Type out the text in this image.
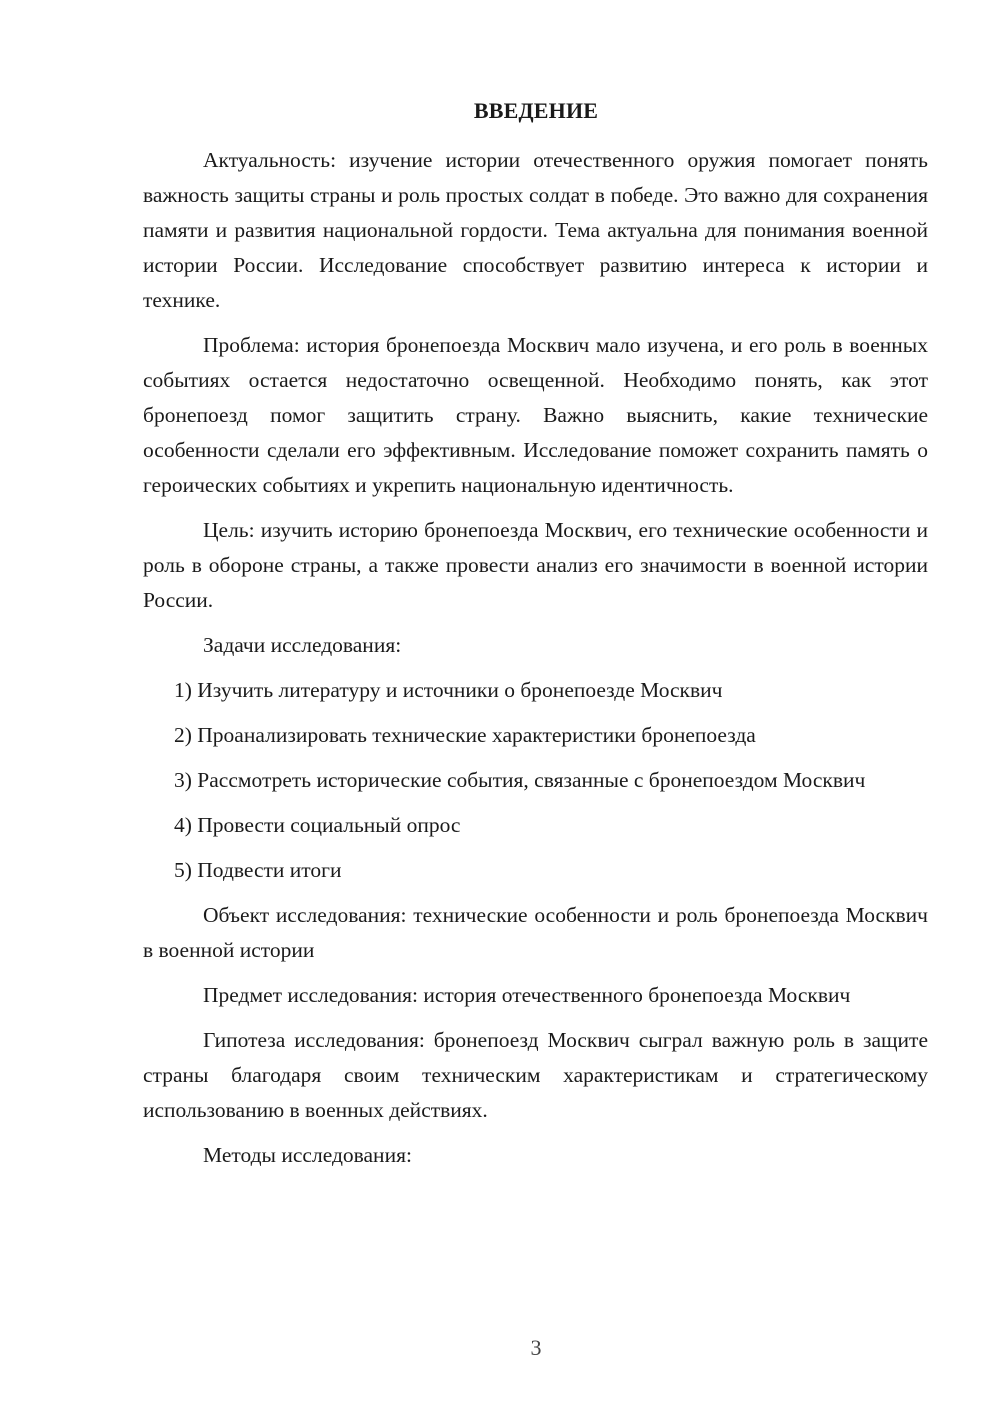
ВВЕДЕНИЕ

Актуальность: изучение истории отечественного оружия помогает понять важность защиты страны и роль простых солдат в победе. Это важно для сохранения памяти и развития национальной гордости. Тема актуальна для понимания военной истории России. Исследование способствует развитию интереса к истории и технике.

Проблема: история бронепоезда Москвич мало изучена, и его роль в военных событиях остается недостаточно освещенной. Необходимо понять, как этот бронепоезд помог защитить страну. Важно выяснить, какие технические особенности сделали его эффективным. Исследование поможет сохранить память о героических событиях и укрепить национальную идентичность.

Цель: изучить историю бронепоезда Москвич, его технические особенности и роль в обороне страны, а также провести анализ его значимости в военной истории России.

Задачи исследования:

1) Изучить литературу и источники о бронепоезде Москвич

2) Проанализировать технические характеристики бронепоезда

3) Рассмотреть исторические события, связанные с бронепоездом Москвич

4) Провести социальный опрос

5) Подвести итоги

Объект исследования: технические особенности и роль бронепоезда Москвич в военной истории

Предмет исследования: история отечественного бронепоезда Москвич

Гипотеза исследования: бронепоезд Москвич сыграл важную роль в защите страны благодаря своим техническим характеристикам и стратегическому использованию в военных действиях.

Методы исследования:

3
